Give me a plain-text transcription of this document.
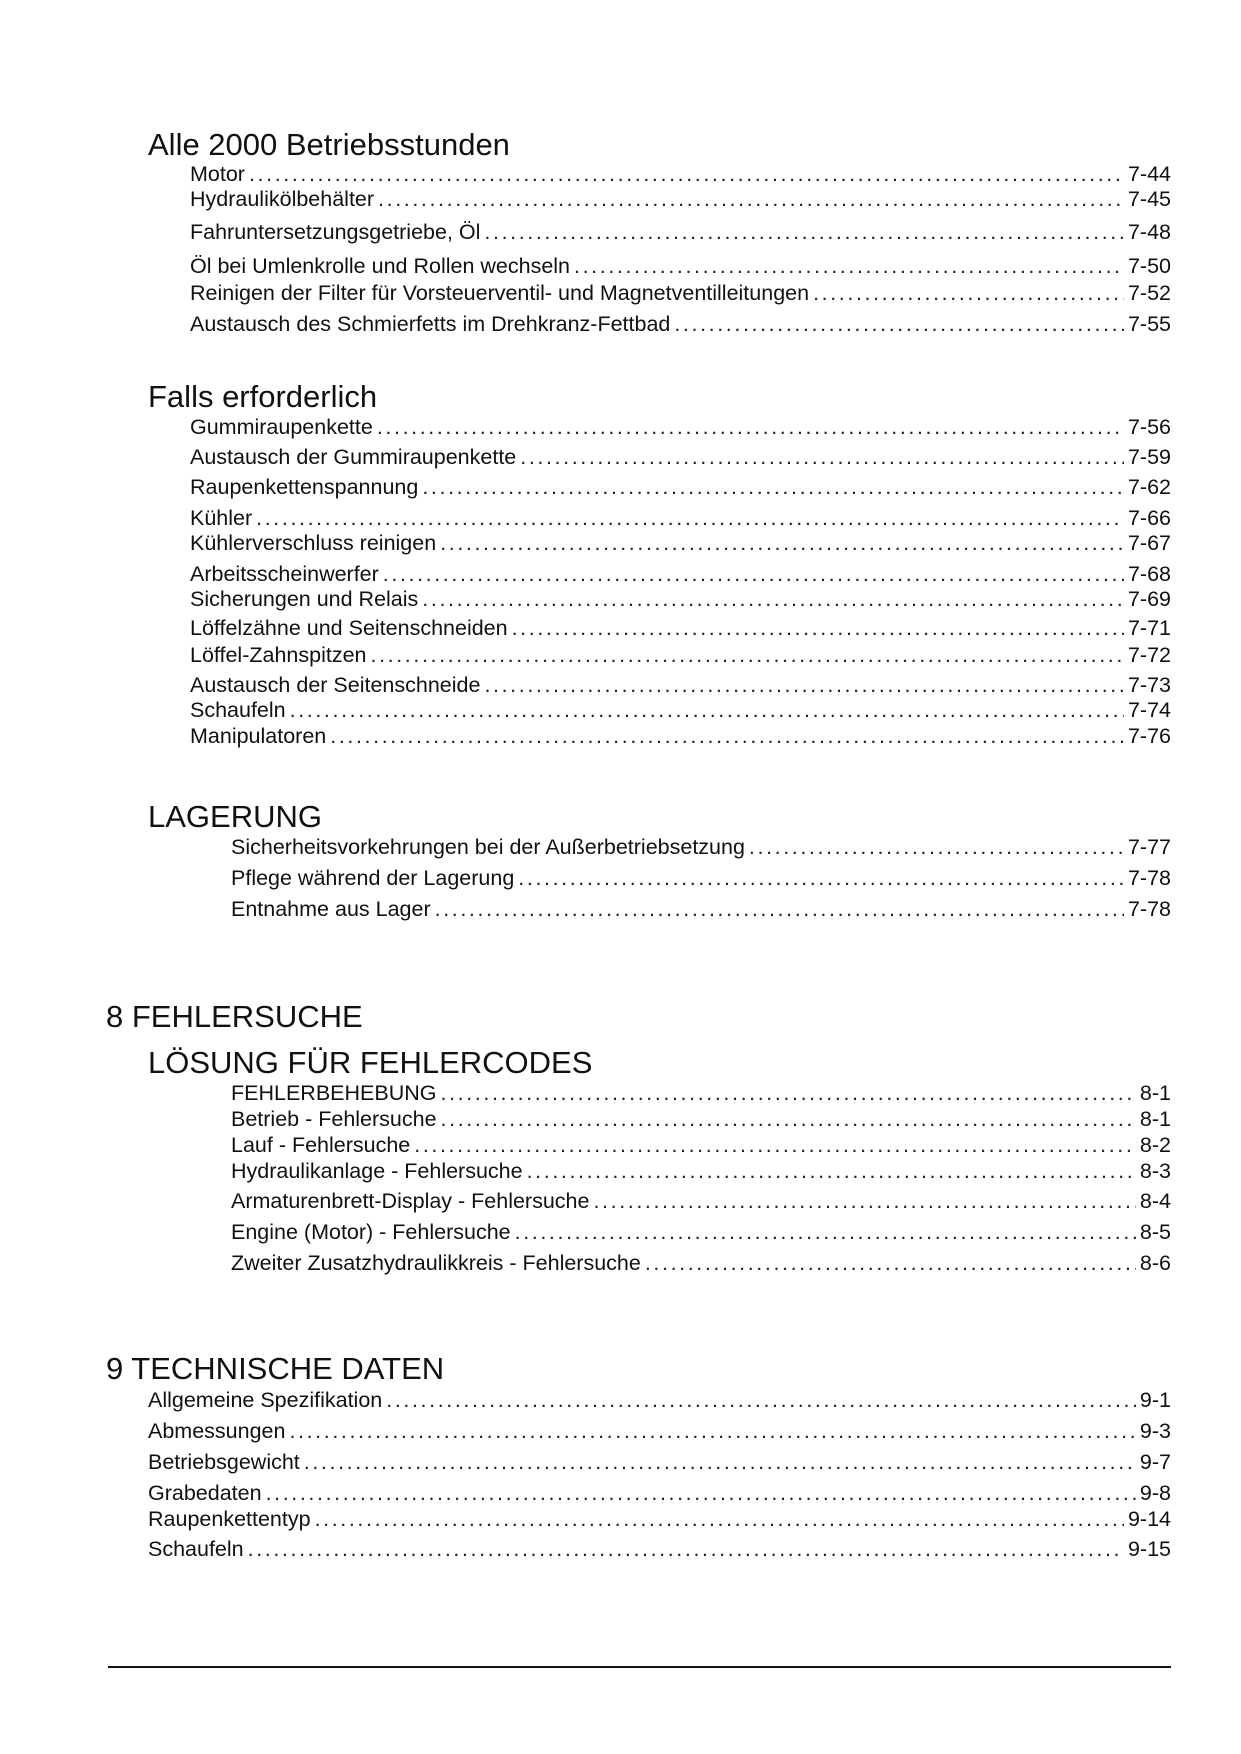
Alle 2000 Betriebsstunden
Motor .....	7-44
Hydraulikölbehälter .....	7-45
Fahruntersetzungsgetriebe, Öl .....	7-48
Öl bei Umlenkrolle und Rollen wechseln .....	7-50
Reinigen der Filter für Vorsteuerventil- und Magnetventilleitungen .....	7-52
Austausch des Schmierfetts im Drehkranz-Fettbad .....	7-55
Falls erforderlich
Gummiraupenkette .....	7-56
Austausch der Gummiraupenkette .....	7-59
Raupenkettenspannung .....	7-62
Kühler .....	7-66
Kühlerverschluss reinigen .....	7-67
Arbeitsscheinwerfer .....	7-68
Sicherungen und Relais .....	7-69
Löffelzähne und Seitenschneiden .....	7-71
Löffel-Zahnspitzen .....	7-72
Austausch der Seitenschneide .....	7-73
Schaufeln .....	7-74
Manipulatoren .....	7-76
LAGERUNG
Sicherheitsvorkehrungen bei der Außerbetriebsetzung .....	7-77
Pflege während der Lagerung .....	7-78
Entnahme aus Lager .....	7-78
8 FEHLERSUCHE
LÖSUNG FÜR FEHLERCODES
FEHLERBEHEBUNG .....	8-1
Betrieb - Fehlersuche .....	8-1
Lauf - Fehlersuche .....	8-2
Hydraulikanlage - Fehlersuche .....	8-3
Armaturenbrett-Display - Fehlersuche .....	8-4
Engine (Motor) - Fehlersuche .....	8-5
Zweiter Zusatzhydraulikkreis - Fehlersuche .....	8-6
9 TECHNISCHE DATEN
Allgemeine Spezifikation .....	9-1
Abmessungen .....	9-3
Betriebsgewicht .....	9-7
Grabedaten .....	9-8
Raupenkettentyp .....	9-14
Schaufeln .....	9-15
